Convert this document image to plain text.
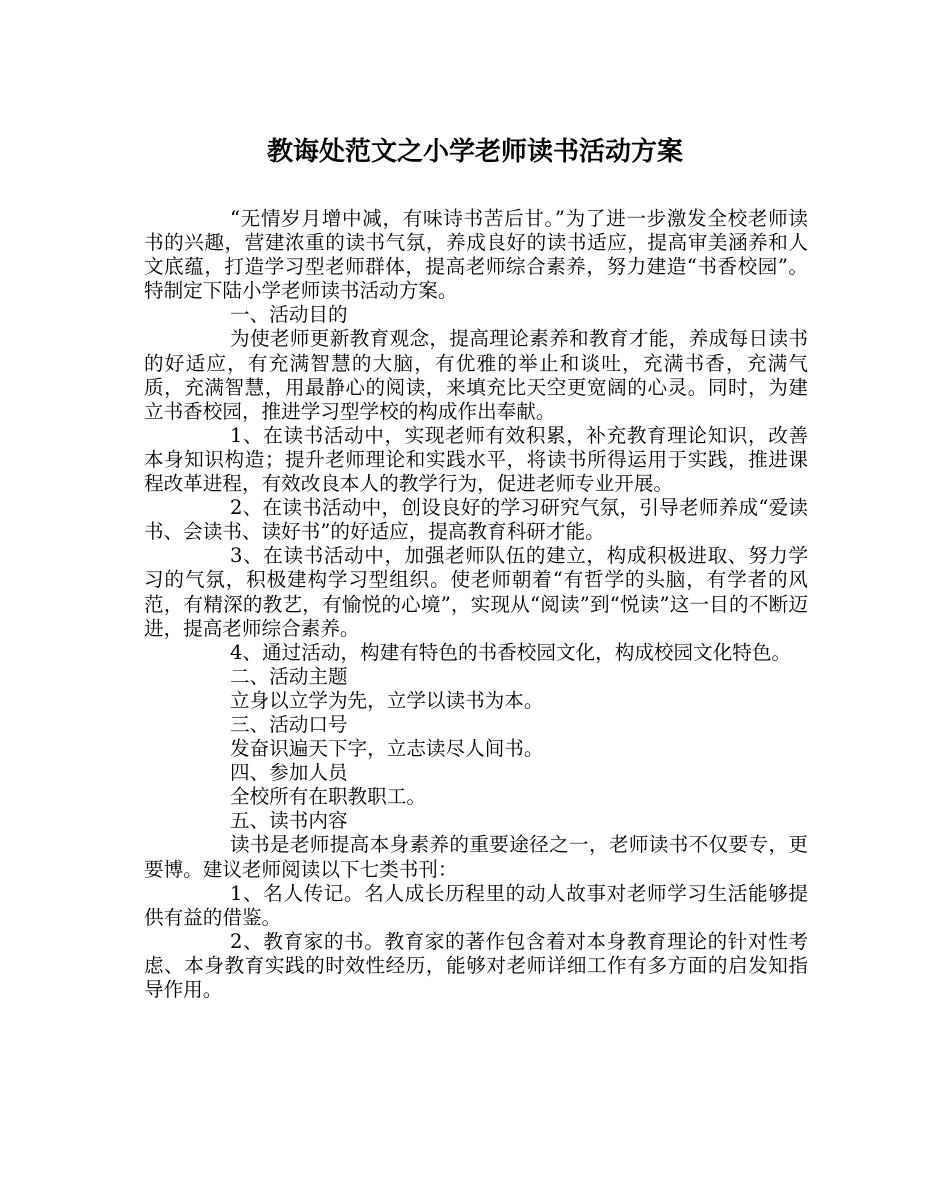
教诲处范文之小学老师读书活动方案

“无情岁月增中减，有味诗书苦后甘。”为了进一步激发全校老师读书的兴趣，营建浓重的读书气氛，养成良好的读书适应，提高审美涵养和人文底蕴，打造学习型老师群体，提高老师综合素养，努力建造“书香校园”。特制定下陆小学老师读书活动方案。

一、活动目的

为使老师更新教育观念，提高理论素养和教育才能，养成每日读书的好适应，有充满智慧的大脑，有优雅的举止和谈吐，充满书香，充满气质，充满智慧，用最静心的阅读，来填充比天空更宽阔的心灵。同时，为建立书香校园，推进学习型学校的构成作出奉献。

1、在读书活动中，实现老师有效积累，补充教育理论知识，改善本身知识构造；提升老师理论和实践水平，将读书所得运用于实践，推进课程改革进程，有效改良本人的教学行为，促进老师专业开展。

2、在读书活动中，创设良好的学习研究气氛，引导老师养成“爱读书、会读书、读好书”的好适应，提高教育科研才能。

3、在读书活动中，加强老师队伍的建立，构成积极进取、努力学习的气氛，积极建构学习型组织。使老师朝着“有哲学的头脑，有学者的风范，有精深的教艺，有愉悦的心境”，实现从“阅读”到“悦读”这一目的不断迈进，提高老师综合素养。

4、通过活动，构建有特色的书香校园文化，构成校园文化特色。

二、活动主题

立身以立学为先，立学以读书为本。

三、活动口号

发奋识遍天下字，立志读尽人间书。

四、参加人员

全校所有在职教职工。

五、读书内容

读书是老师提高本身素养的重要途径之一，老师读书不仅要专，更要博。建议老师阅读以下七类书刊：

1、名人传记。名人成长历程里的动人故事对老师学习生活能够提供有益的借鉴。

2、教育家的书。教育家的著作包含着对本身教育理论的针对性考虑、本身教育实践的时效性经历，能够对老师详细工作有多方面的启发知指导作用。
